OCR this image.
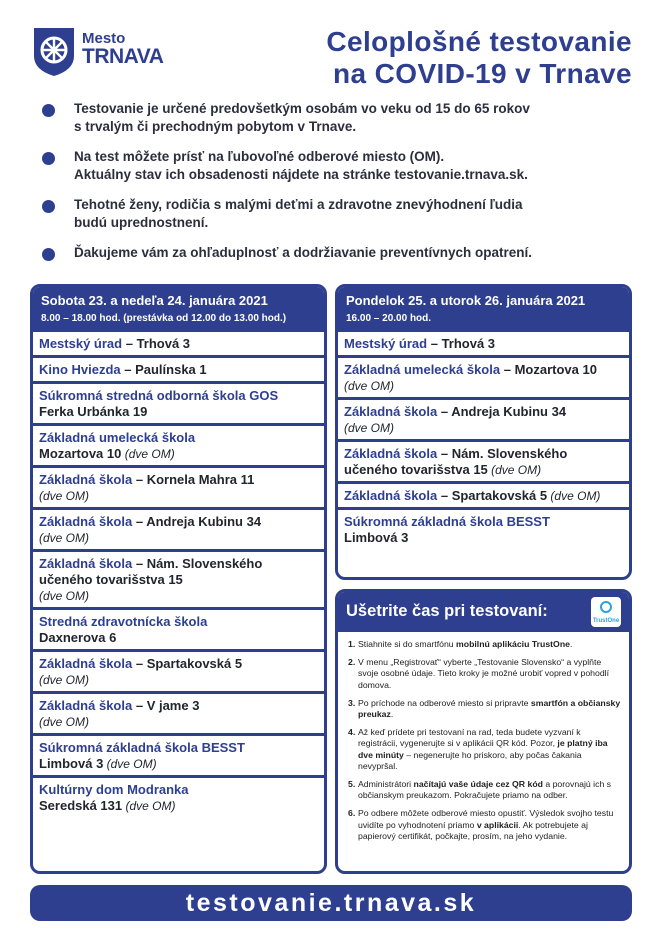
Mesto
TRNAVA	Celoplošné testovanie
na COVID-19 v Trnave
Testovanie je určené predovšetkým osobám vo veku od 15 do 65 rokov
s trvalým či prechodným pobytom v Trnave.
Na test môžete prísť na ľubovoľné odberové miesto (OM).
Aktuálny stav ich obsadenosti nájdete na stránke testovanie.trnava.sk.
Tehotné ženy, rodičia s malými deťmi a zdravotne znevýhodnení ľudia
budú uprednostnení.
Ďakujeme vám za ohľaduplnosť a dodržiavanie preventívnych opatrení.
Sobota 23. a nedeľa 24. januára 2021
8.00 – 18.00 hod. (prestávka od 12.00 do 13.00 hod.)
Mestský úrad – Trhová 3
Kino Hviezda – Paulínska 1
Súkromná stredná odborná škola GOS
Ferka Urbánka 19
Základná umelecká škola
Mozartova 10 (dve OM)
Základná škola – Kornela Mahra 11
(dve OM)
Základná škola – Andreja Kubinu 34
(dve OM)
Základná škola – Nám. Slovenského
učeného tovarišstva 15
(dve OM)
Stredná zdravotnícka škola
Daxnerova 6
Základná škola – Spartakovská 5
(dve OM)
Základná škola – V jame 3
(dve OM)
Súkromná základná škola BESST
Limbová 3 (dve OM)
Kultúrny dom Modranka
Seredská 131 (dve OM)
Pondelok 25. a utorok 26. januára 2021
16.00 – 20.00 hod.
Mestský úrad – Trhová 3
Základná umelecká škola – Mozartova 10
(dve OM)
Základná škola – Andreja Kubinu 34
(dve OM)
Základná škola – Nám. Slovenského
učeného tovarišstva 15 (dve OM)
Základná škola – Spartakovská 5 (dve OM)
Súkromná základná škola BESST
Limbová 3
Ušetrite čas pri testovaní:
TrustOne
1. Stiahnite si do smartfónu mobilnú aplikáciu TrustOne.
2. V menu „Registrovať“ vyberte „Testovanie Slovensko“ a vyplňte svoje osobné údaje. Tieto kroky je možné urobiť vopred v pohodlí domova.
3. Po príchode na odberové miesto si pripravte smartfón a občiansky preukaz.
4. Až keď prídete pri testovaní na rad, teda budete vyzvaní k registrácii, vygenerujte si v aplikácii QR kód. Pozor, je platný iba dve minúty – negenerujte ho priskoro, aby počas čakania nevypršal.
5. Administrátori načítajú vaše údaje cez QR kód a porovnajú ich s občianskym preukazom. Pokračujete priamo na odber.
6. Po odbere môžete odberové miesto opustiť. Výsledok svojho testu uvidíte po vyhodnotení priamo v aplikácii. Ak potrebujete aj papierový certifikát, počkajte, prosím, na jeho vydanie.
testovanie.trnava.sk
